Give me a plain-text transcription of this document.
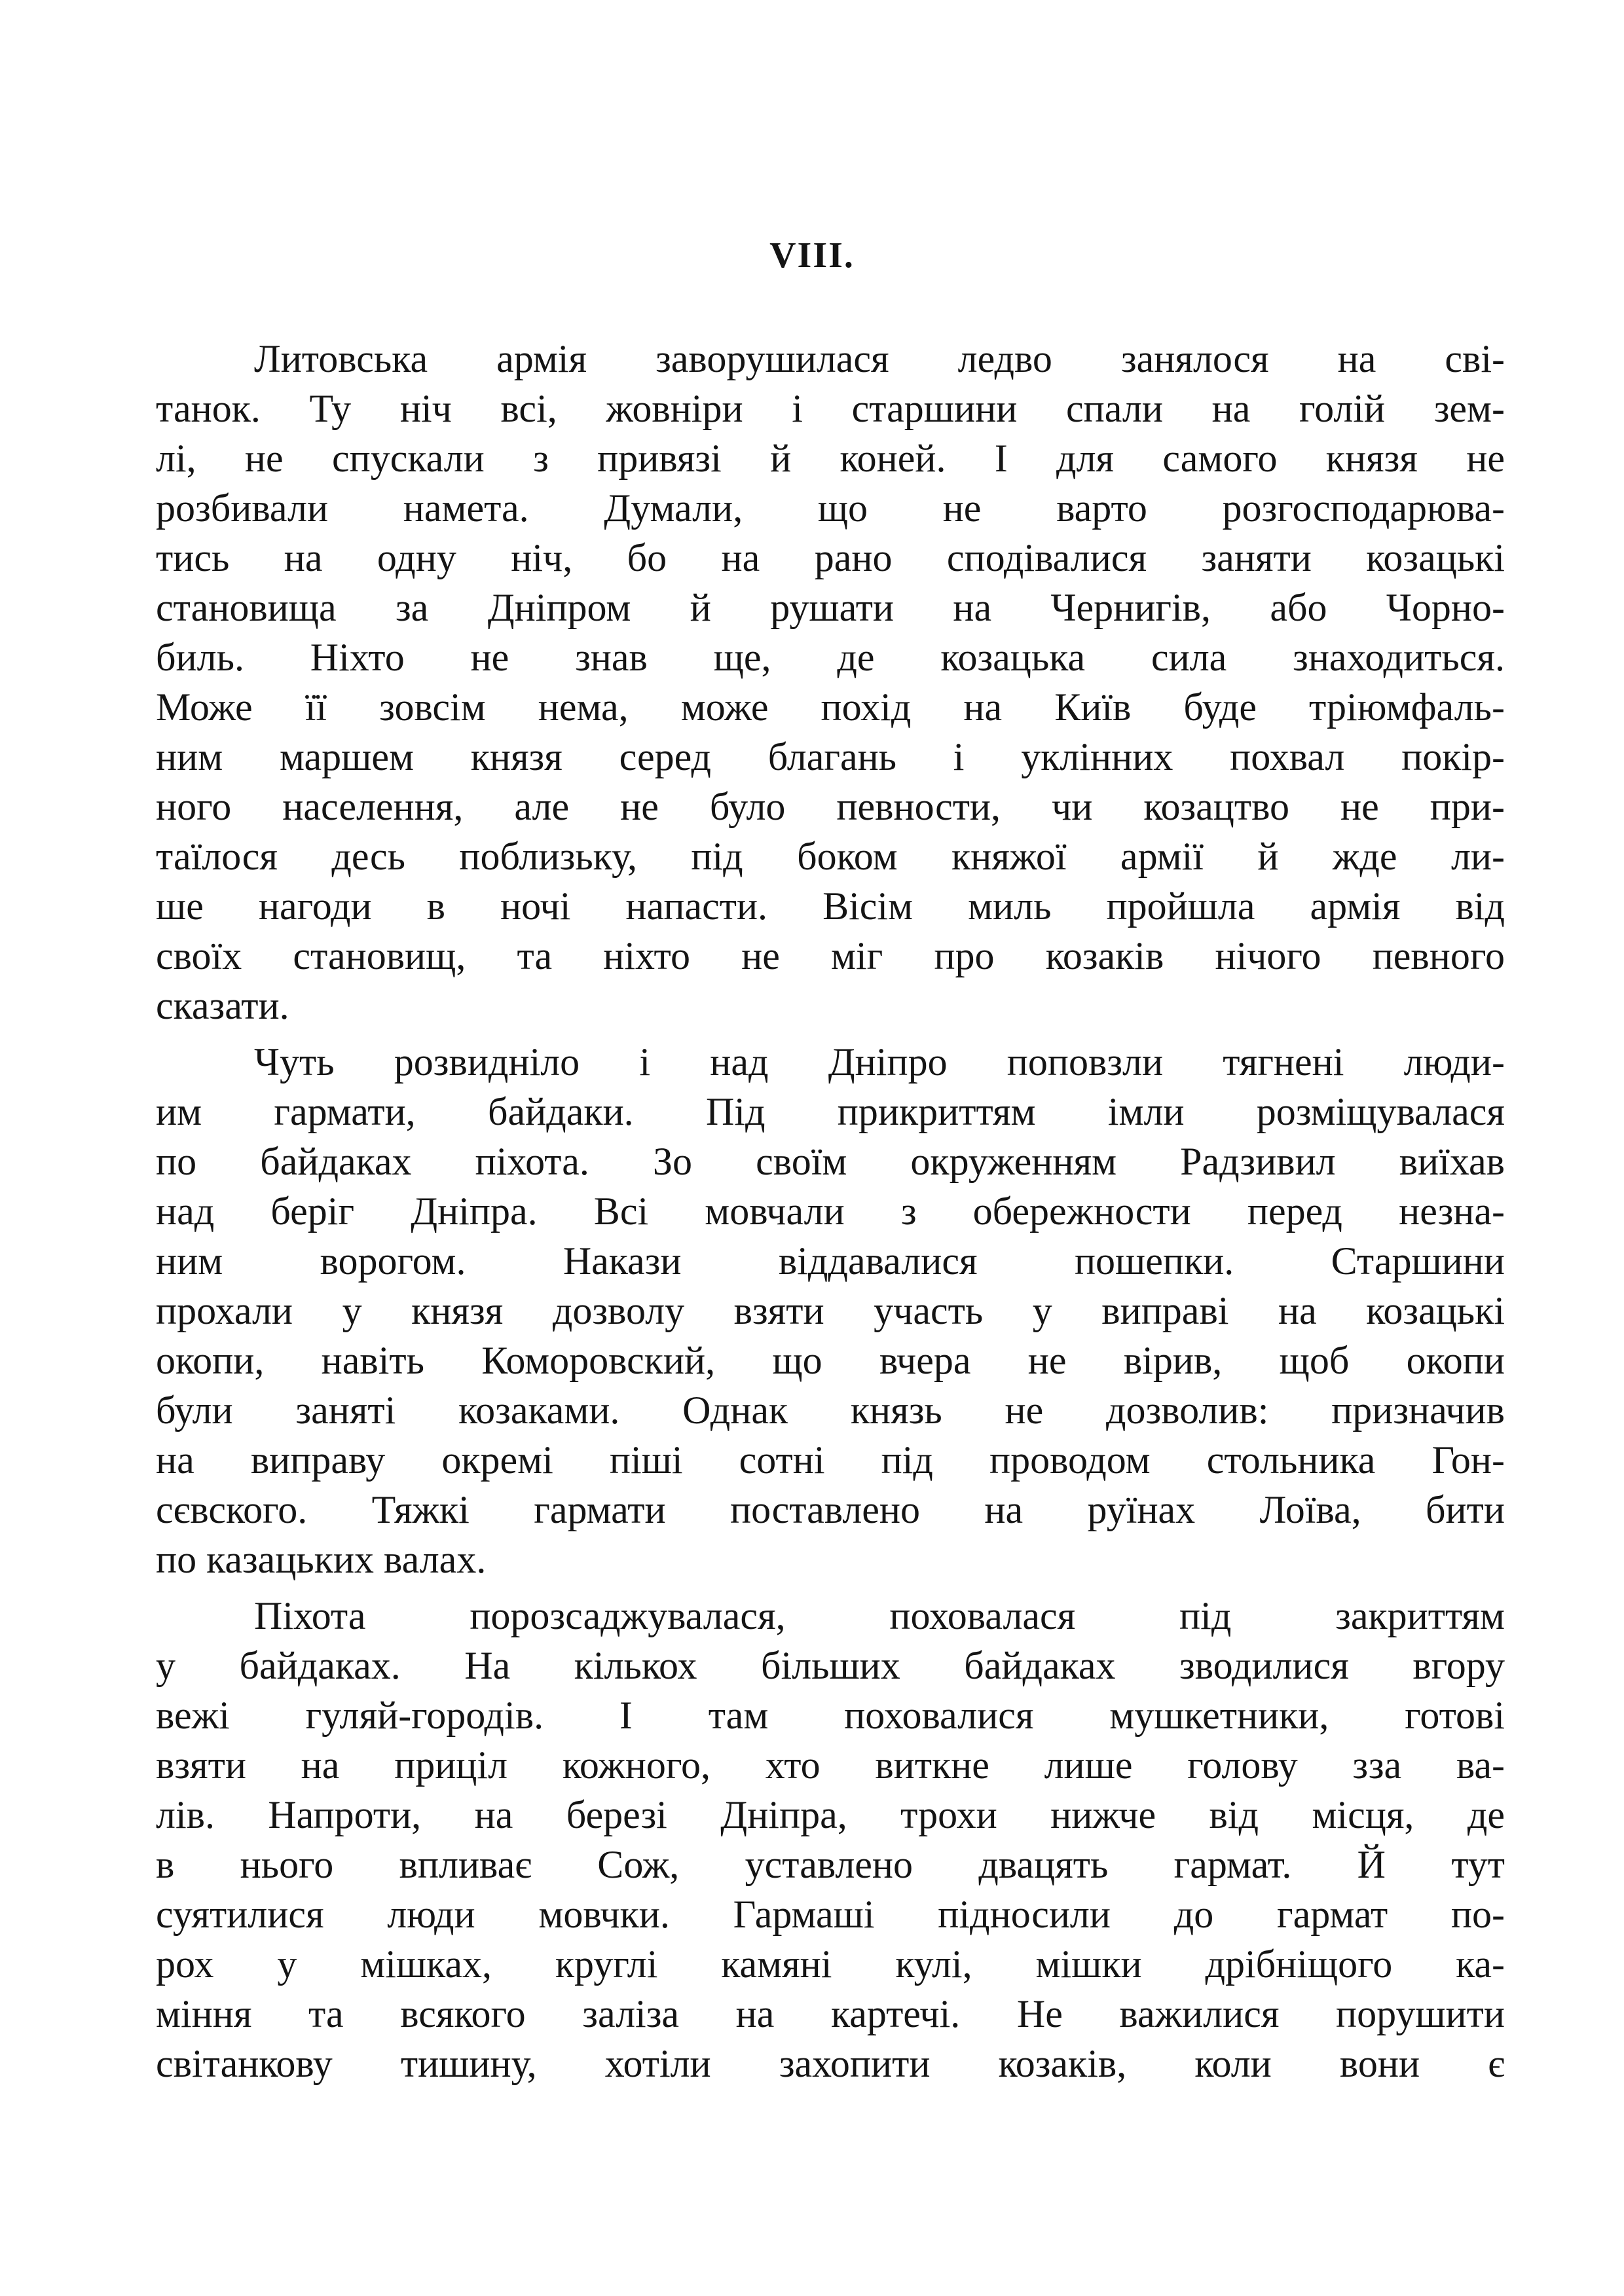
VIII.
Литовська армія заворушилася ледво занялося на сві-
танок. Ту ніч всі, жовніри і старшини спали на голій зем-
лі, не спускали з привязі й коней. І для самого князя не
розбивали намета. Думали, що не варто розгосподарюва-
тись на одну ніч, бо на рано сподівалися заняти козацькі
становища за Дніпром й рушати на Чернигів, або Чорно-
биль. Ніхто не знав ще, де козацька сила знаходиться.
Може її зовсім нема, може похід на Київ буде тріюмфаль-
ним маршем князя серед благань і уклінних похвал покір-
ного населення, але не було певности, чи козацтво не при-
таїлося десь поблизьку, під боком княжої армії й жде ли-
ше нагоди в ночі напасти. Вісім миль пройшла армія від
своїх становищ, та ніхто не міг про козаків нічого певного
сказати.
Чуть розвидніло і над Дніпро поповзли тягнені люди-
им гармати, байдаки. Під прикриттям імли розміщувалася
по байдаках піхота. Зо своїм окруженням Радзивил виїхав
над беріг Дніпра. Всі мовчали з обережности перед незна-
ним ворогом. Накази віддавалися пошепки. Старшини
прохали у князя дозволу взяти участь у виправі на козацькі
окопи, навіть Коморовский, що вчера не вірив, щоб окопи
були заняті козаками. Однак князь не дозволив: призначив
на виправу окремі піші сотні під проводом стольника Гон-
сєвского. Тяжкі гармати поставлено на руїнах Лоїва, бити
по казацьких валах.
Піхота порозсаджувалася, поховалася під закриттям
у байдаках. На кількох більших байдаках зводилися вгору
вежі гуляй-городів. І там поховалися мушкетники, готові
взяти на приціл кожного, хто виткне лише голову зза ва-
лів. Напроти, на березі Дніпра, трохи нижче від місця, де
в нього впливає Сож, уставлено двацять гармат. Й тут
суятилися люди мовчки. Гармаші підносили до гармат по-
рох у мішках, круглі камяні кулі, мішки дрібніщого ка-
міння та всякого заліза на картечі. Не важилися порушити
світанкову тишину, хотіли захопити козаків, коли вони є
